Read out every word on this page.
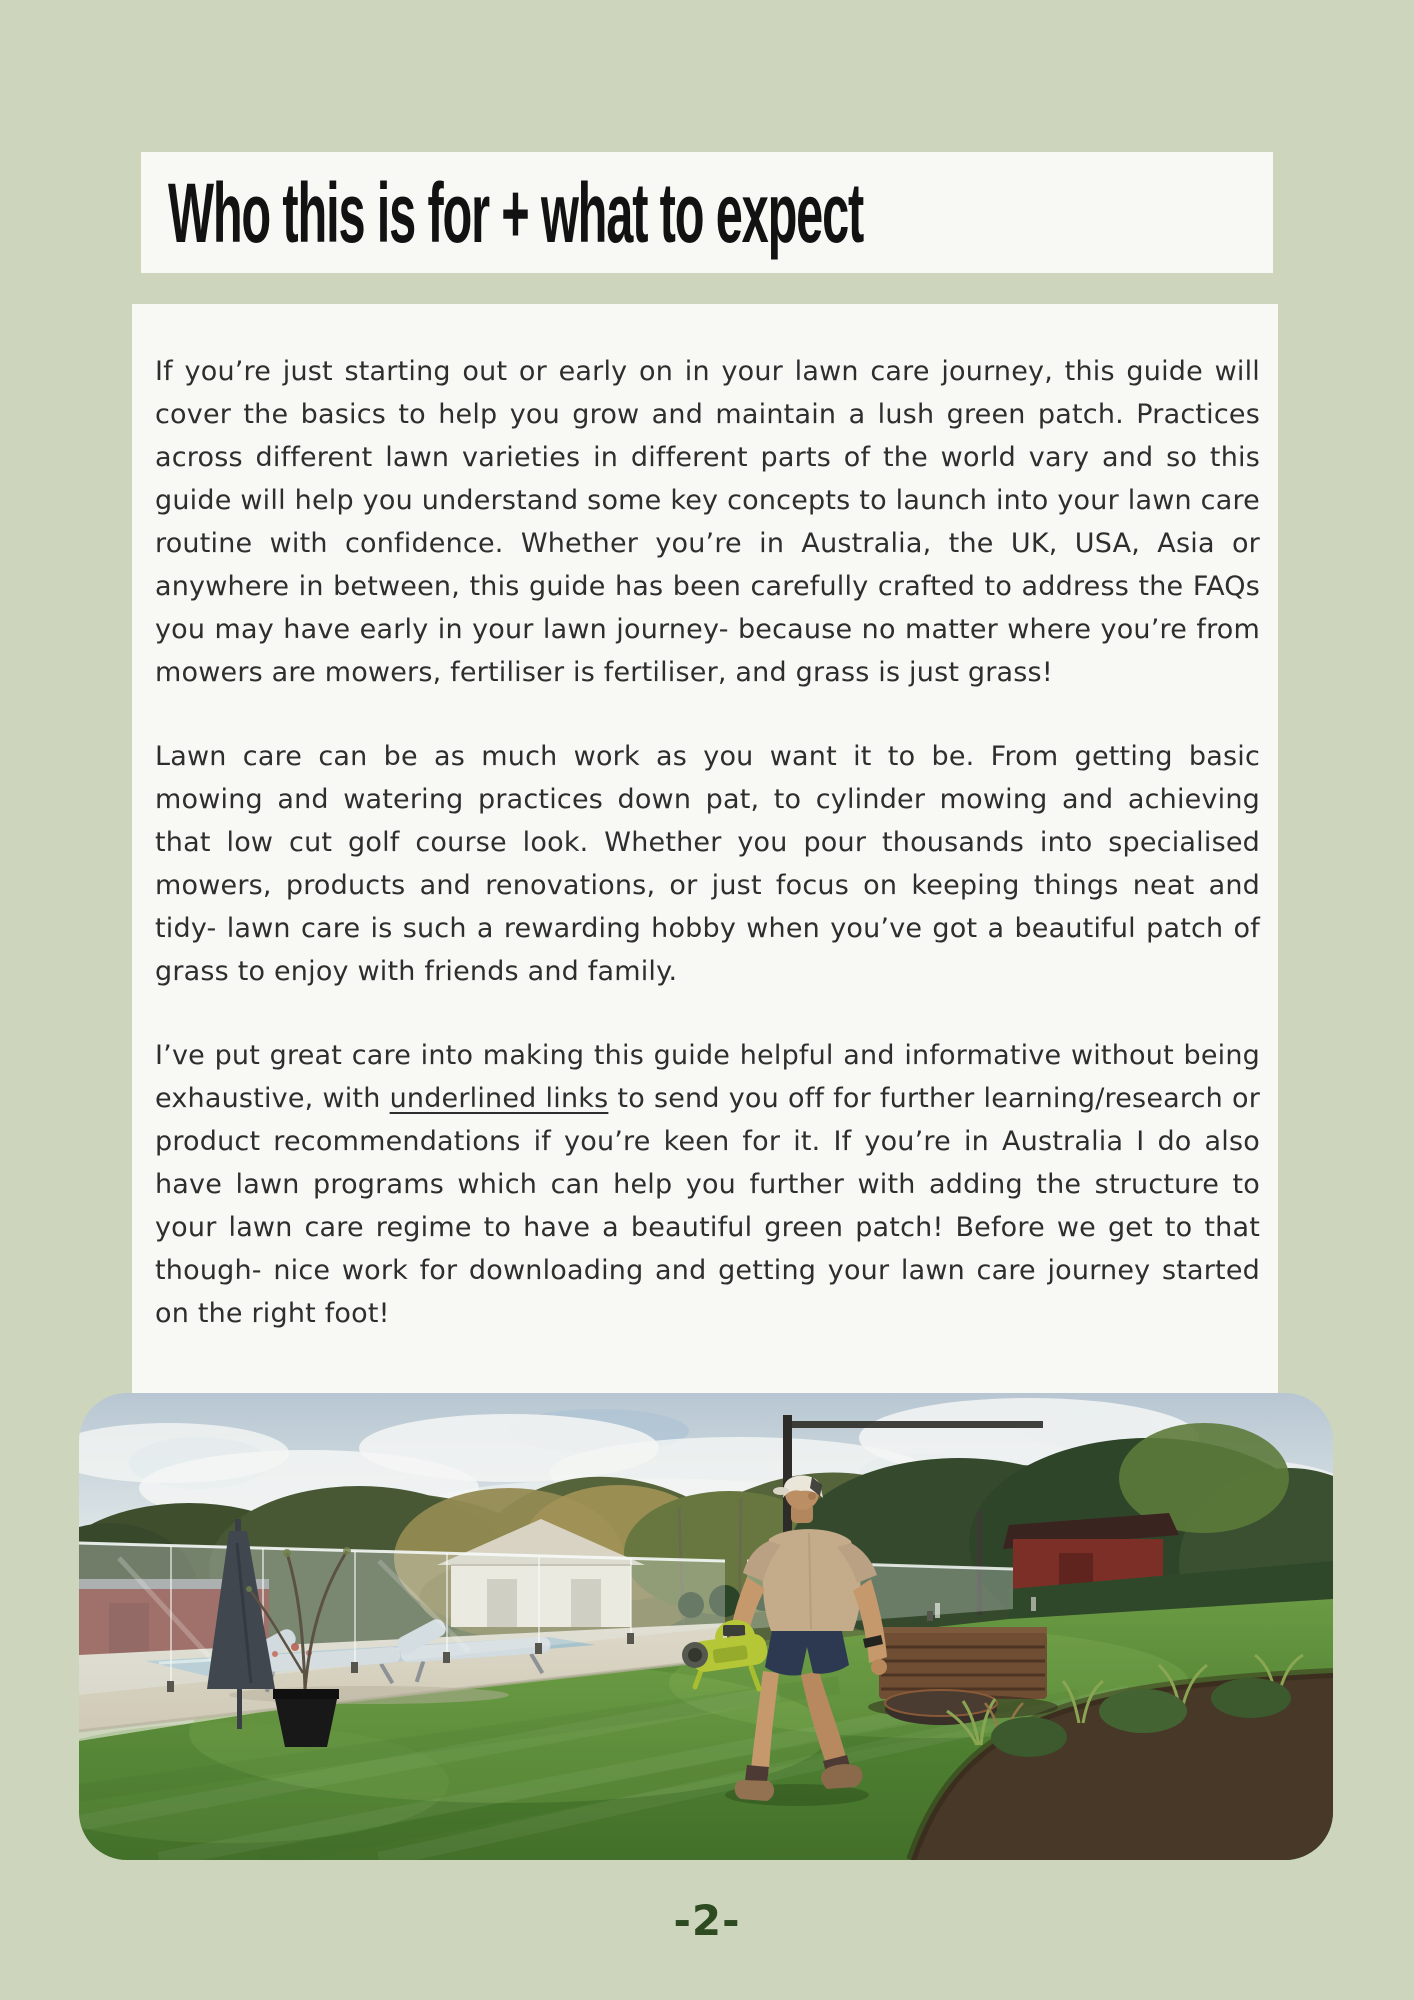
Who this is for + what to expect

If you’re just starting out or early on in your lawn care journey, this guide will cover the basics to help you grow and maintain a lush green patch. Practices across different lawn varieties in different parts of the world vary and so this guide will help you understand some key concepts to launch into your lawn care routine with confidence. Whether you’re in Australia, the UK, USA, Asia or anywhere in between, this guide has been carefully crafted to address the FAQs you may have early in your lawn journey- because no matter where you’re from mowers are mowers, fertiliser is fertiliser, and grass is just grass!

Lawn care can be as much work as you want it to be. From getting basic mowing and watering practices down pat, to cylinder mowing and achieving that low cut golf course look. Whether you pour thousands into specialised mowers, products and renovations, or just focus on keeping things neat and tidy- lawn care is such a rewarding hobby when you’ve got a beautiful patch of grass to enjoy with friends and family.

I’ve put great care into making this guide helpful and informative without being exhaustive, with underlined links to send you off for further learning/research or product recommendations if you’re keen for it. If you’re in Australia I do also have lawn programs which can help you further with adding the structure to your lawn care regime to have a beautiful green patch! Before we get to that though- nice work for downloading and getting your lawn care journey started on the right foot!

-2-
